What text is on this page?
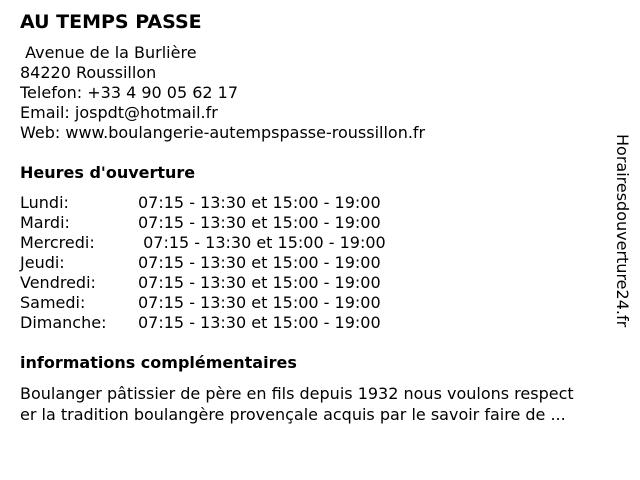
AU TEMPS PASSE
Avenue de la Burlière
84220 Roussillon
Telefon: +33 4 90 05 62 17
Email: jospdt@hotmail.fr
Web: www.boulangerie-autempspasse-roussillon.fr
Heures d'ouverture
Lundi:	07:15 - 13:30 et 15:00 - 19:00
Mardi:	07:15 - 13:30 et 15:00 - 19:00
Mercredi:	07:15 - 13:30 et 15:00 - 19:00
Jeudi:	07:15 - 13:30 et 15:00 - 19:00
Vendredi:	07:15 - 13:30 et 15:00 - 19:00
Samedi:	07:15 - 13:30 et 15:00 - 19:00
Dimanche: 07:15 - 13:30 et 15:00 - 19:00
informations complémentaires
Boulanger pâtissier de père en fils depuis 1932 nous voulons respect
er la tradition boulangère provençale acquis par le savoir faire de ...
Horairesdouverture24.fr
